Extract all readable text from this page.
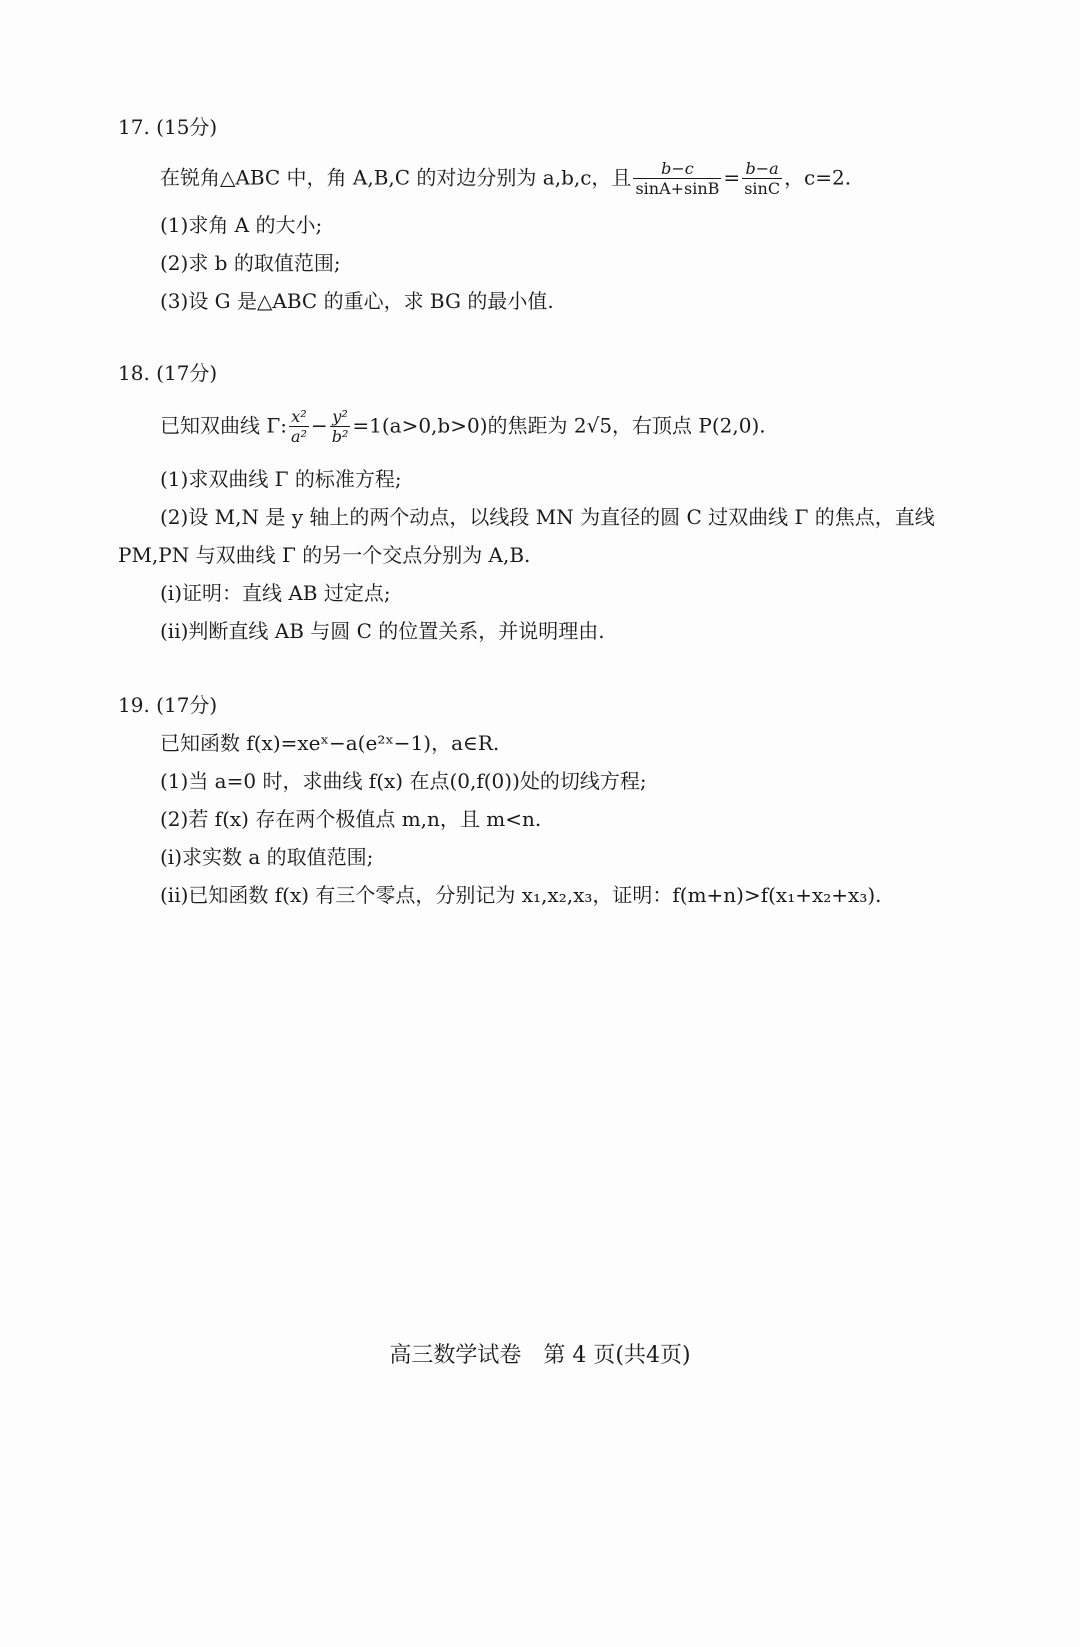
17. (15分)
在锐角△ABC 中，角 A,B,C 的对边分别为 a,b,c，且 $\frac{b-c}{\sin A+\sin B} = \frac{b-a}{\sin C}$ ，c=2.
(1)求角 A 的大小;
(2)求 b 的取值范围;
(3)设 G 是△ABC 的重心，求 BG 的最小值.
18. (17分)
已知双曲线 Γ: $\frac{\text{x²}}{\text{a²}} - \frac{\text{y²}}{\text{b²}} =1(a>0,b>0)$的焦距为 2√5，右顶点 P(2,0).
(1)求双曲线 Γ 的标准方程;
(2)设 M,N 是 y 轴上的两个动点，以线段 MN 为直径的圆 C 过双曲线 Γ 的焦点，直线
PM,PN 与双曲线 Γ 的另一个交点分别为 A,B.
(i)证明：直线 AB 过定点;
(ii)判断直线 AB 与圆 C 的位置关系，并说明理由.
19. (17分)
已知函数 f(x)=xeˣ−a(e²ˣ−1)，a∈R.
(1)当 a=0 时，求曲线 f(x) 在点(0,f(0))处的切线方程;
(2)若 f(x) 存在两个极值点 m,n，且 m<n.
(i)求实数 a 的取值范围;
(ii)已知函数 f(x) 有三个零点，分别记为 x₁,x₂,x₃，证明：f(m+n)>f(x₁+x₂+x₃).
高三数学试卷　第 4 页(共4页)
